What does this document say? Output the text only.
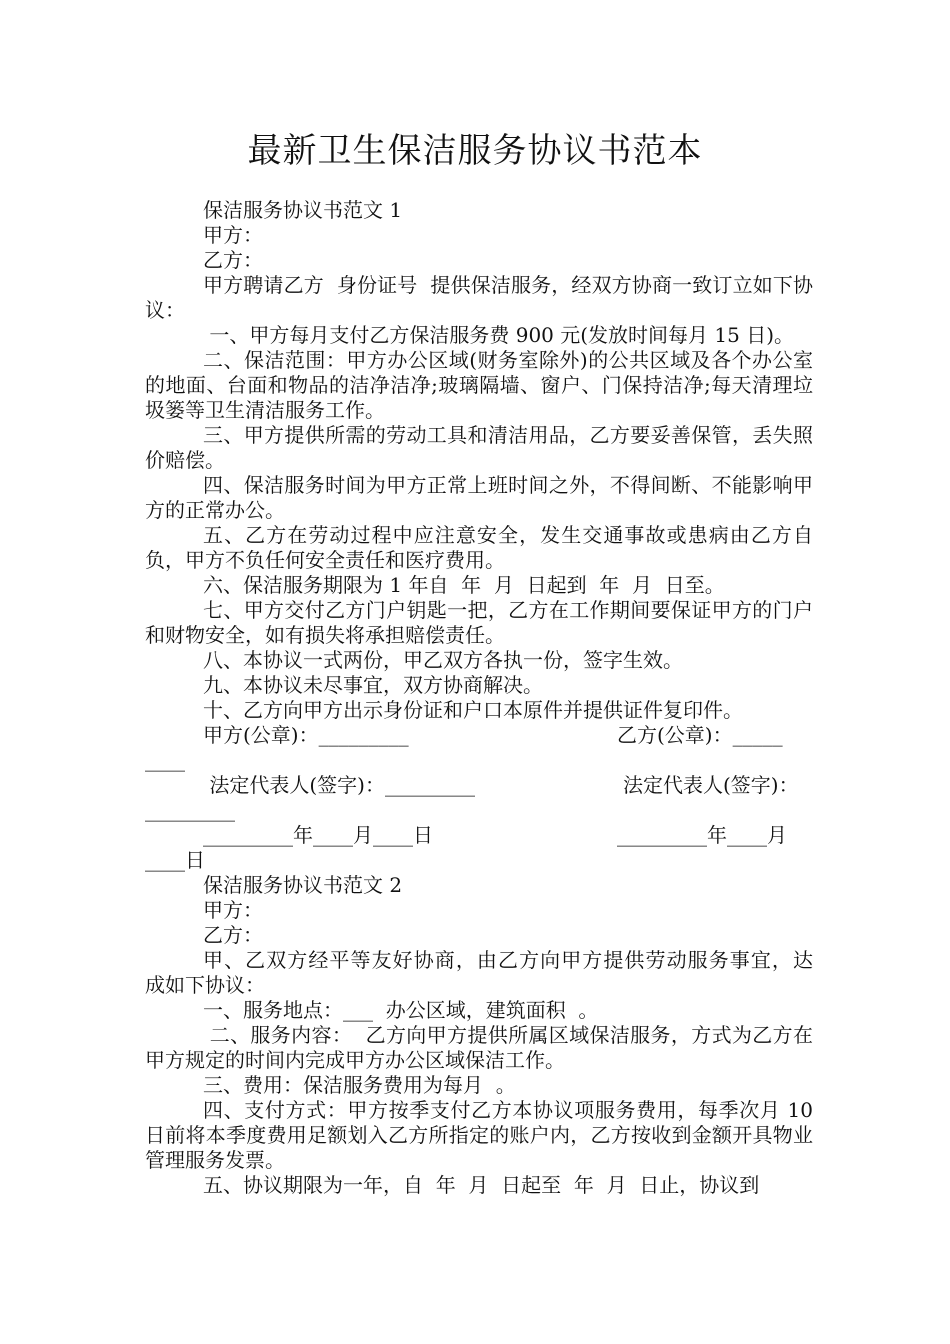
最新卫生保洁服务协议书范本

保洁服务协议书范文 1

甲方：

乙方：

甲方聘请乙方  身份证号  提供保洁服务，经双方协商一致订立如下协议：

一、甲方每月支付乙方保洁服务费 900 元(发放时间每月 15 日)。

二、保洁范围：甲方办公区域(财务室除外)的公共区域及各个办公室的地面、台面和物品的洁净洁净;玻璃隔墙、窗户、门保持洁净;每天清理垃圾篓等卫生清洁服务工作。

三、甲方提供所需的劳动工具和清洁用品，乙方要妥善保管，丢失照价赔偿。

四、保洁服务时间为甲方正常上班时间之外，不得间断、不能影响甲方的正常办公。

五、乙方在劳动过程中应注意安全，发生交通事故或患病由乙方自负，甲方不负任何安全责任和医疗费用。

六、保洁服务期限为 1 年自  年  月  日起到  年  月  日至。

七、甲方交付乙方门户钥匙一把，乙方在工作期间要保证甲方的门户和财物安全，如有损失将承担赔偿责任。

八、本协议一式两份，甲乙双方各执一份，签字生效。

九、本协议未尽事宜，双方协商解决。

十、乙方向甲方出示身份证和户口本原件并提供证件复印件。

甲方(公章)：_________	乙方(公章)：_____
____
法定代表人(签字)：_________	法定代表人(签字)：
_________
_________年____月____日	_________年____月
____日

保洁服务协议书范文 2

甲方：

乙方：

甲、乙双方经平等友好协商，由乙方向甲方提供劳动服务事宜，达  成如下协议：

一、服务地点：___  办公区域，建筑面积  。

二、服务内容：  乙方向甲方提供所属区域保洁服务，方式为乙方在甲方规定的时间内完成甲方办公区域保洁工作。

三、费用：保洁服务费用为每月  。

四、支付方式：甲方按季支付乙方本协议项服务费用，每季次月 10 日前将本季度费用足额划入乙方所指定的账户内，乙方按收到金额开具物业管理服务发票。

五、协议期限为一年，自  年  月  日起至  年  月  日止，协议到
